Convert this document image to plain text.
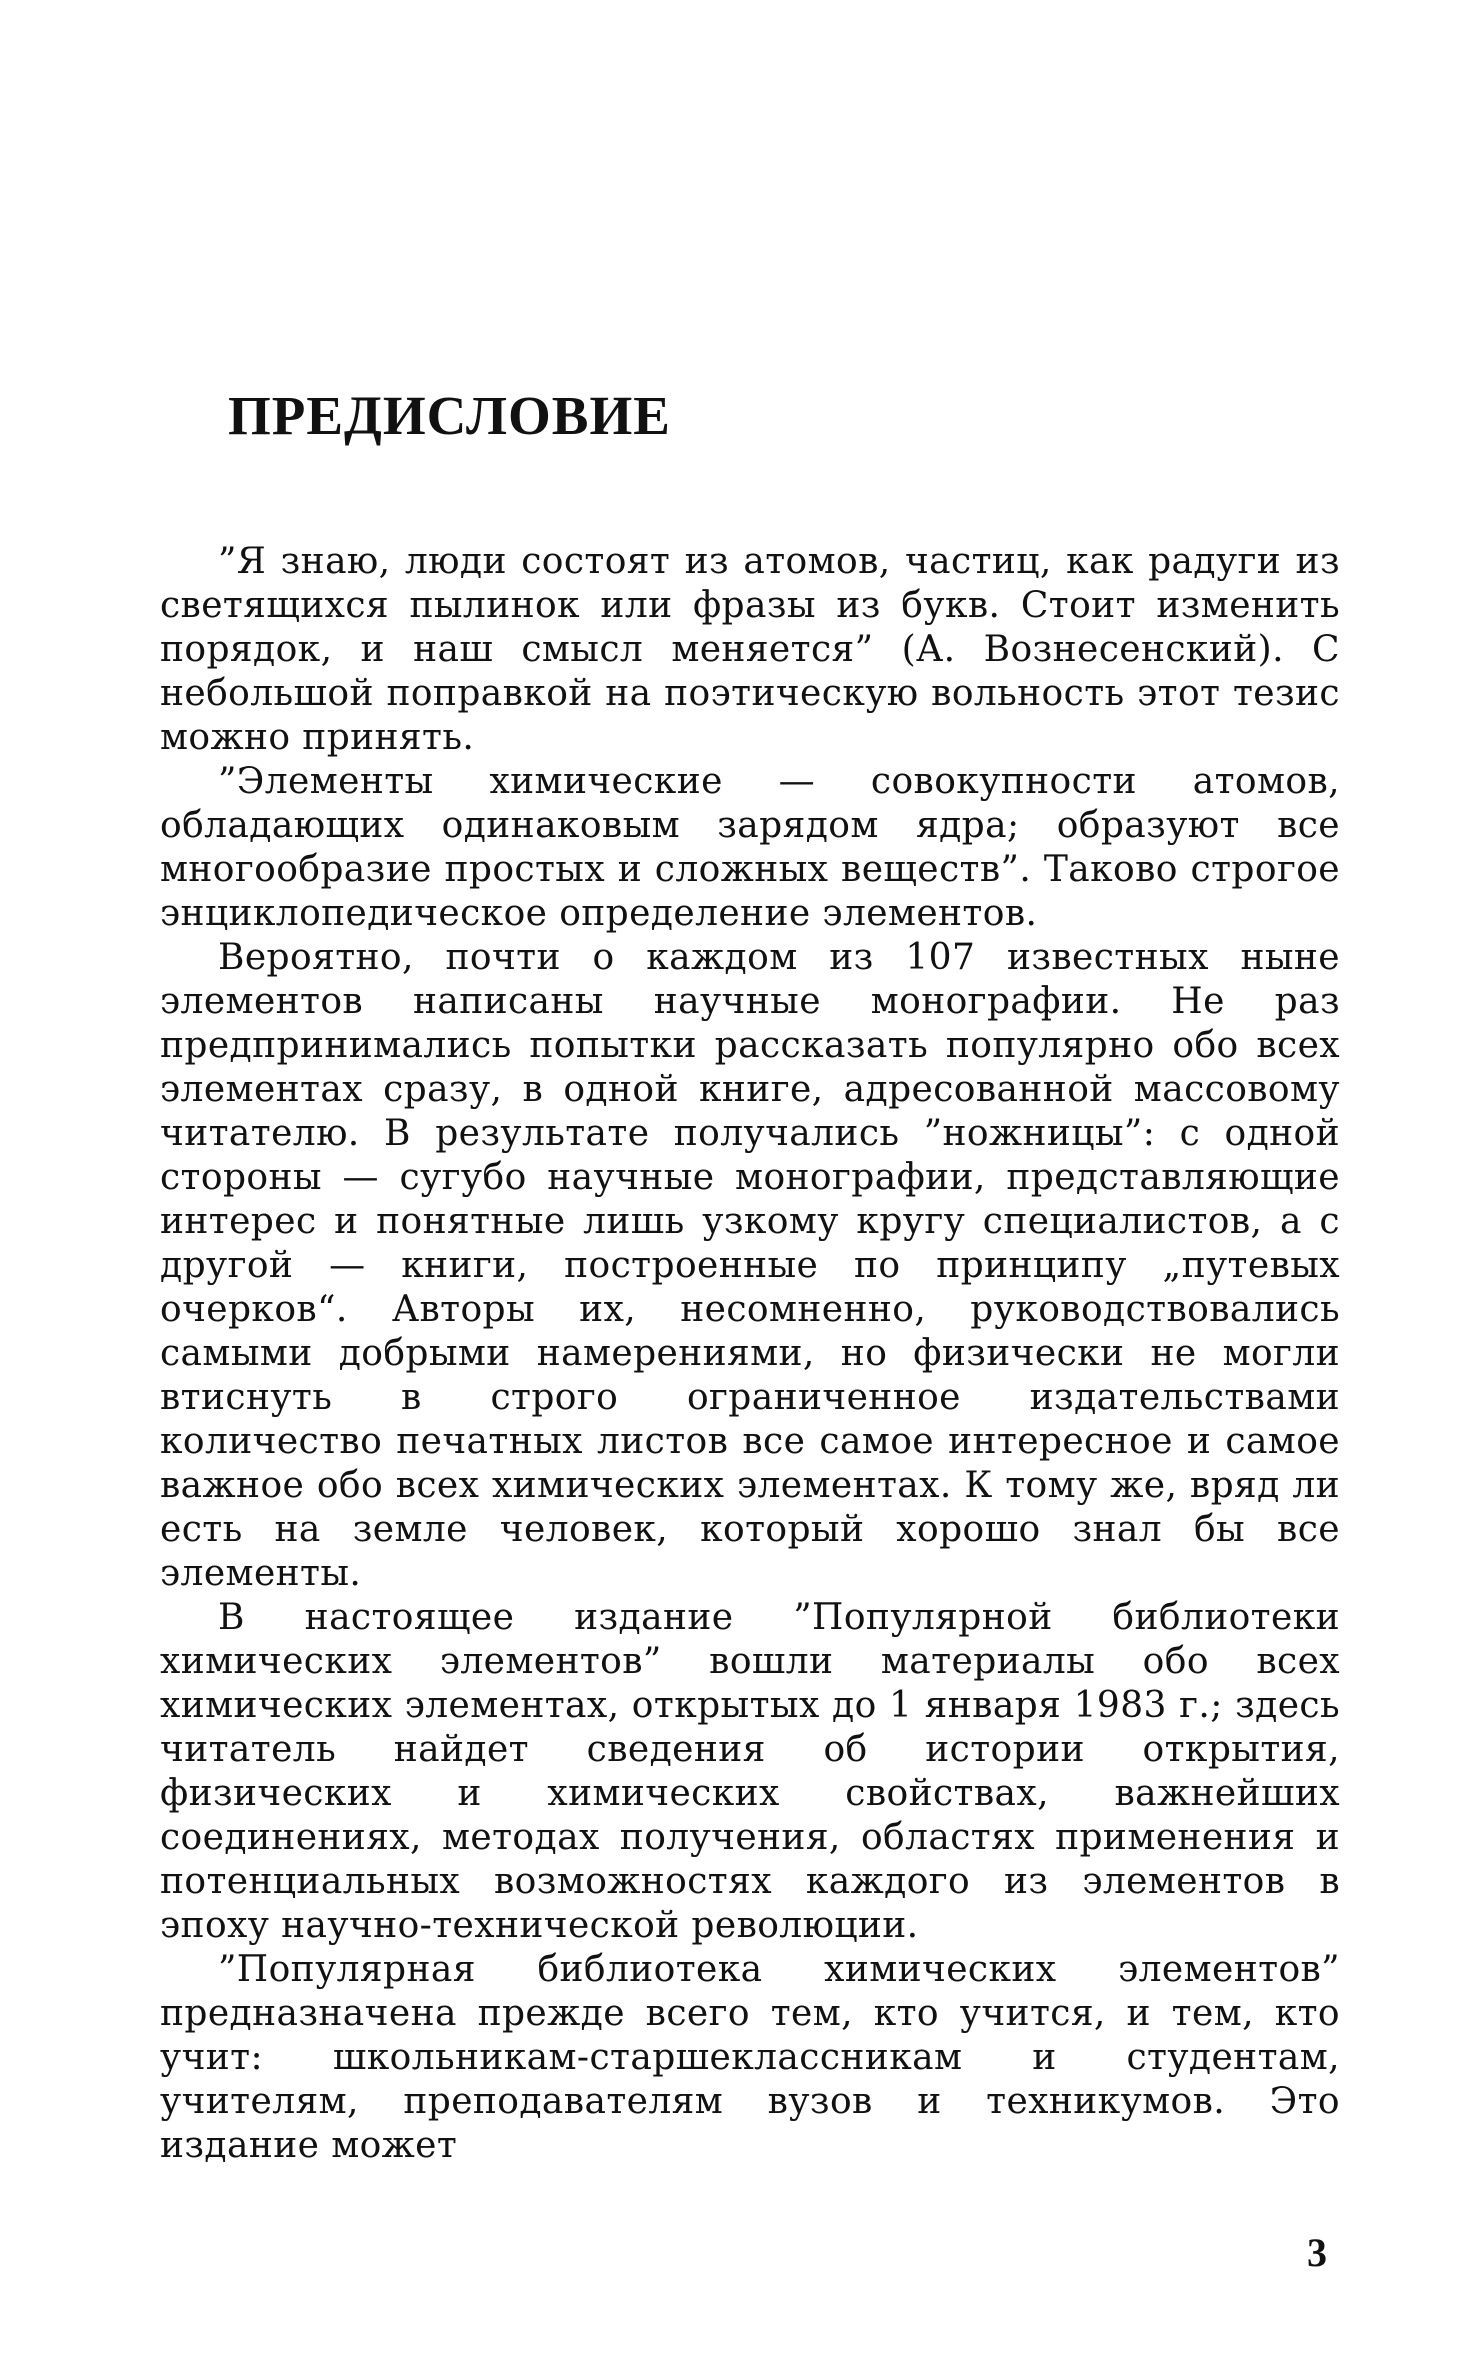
ПРЕДИСЛОВИЕ

”Я знаю, люди состоят из атомов, частиц, как радуги из светящихся пылинок или фразы из букв. Стоит изменить порядок, и наш смысл меняется” (А. Вознесенский). С небольшой поправкой на поэтическую вольность этот тезис можно принять.

”Элементы химические — совокупности атомов, обладающих одинаковым зарядом ядра; образуют все многообразие простых и сложных веществ”. Таково строгое энциклопедическое определение элементов.

Вероятно, почти о каждом из 107 известных ныне элементов написаны научные монографии. Не раз предпринимались попытки рассказать популярно обо всех элементах сразу, в одной книге, адресованной массовому читателю. В результате получались ”ножницы”: с одной стороны — сугубо научные монографии, представляющие интерес и понятные лишь узкому кругу специалистов, а с другой — книги, построенные по принципу „путевых очерков“. Авторы их, несомненно, руководствовались самыми добрыми намерениями, но физически не могли втиснуть в строго ограниченное издательствами количество печатных листов все самое интересное и самое важное обо всех химических элементах. К тому же, вряд ли есть на земле человек, который хорошо знал бы все элементы.

В настоящее издание ”Популярной библиотеки химических элементов” вошли материалы обо всех химических элементах, открытых до 1 января 1983 г.; здесь читатель найдет сведения об истории открытия, физических и химических свойствах, важнейших соединениях, методах получения, областях применения и потенциальных возможностях каждого из элементов в эпоху научно-технической революции.

”Популярная библиотека химических элементов” предназначена прежде всего тем, кто учится, и тем, кто учит: школьникам-старшеклассникам и студентам, учителям, преподавателям вузов и техникумов. Это издание может

3
